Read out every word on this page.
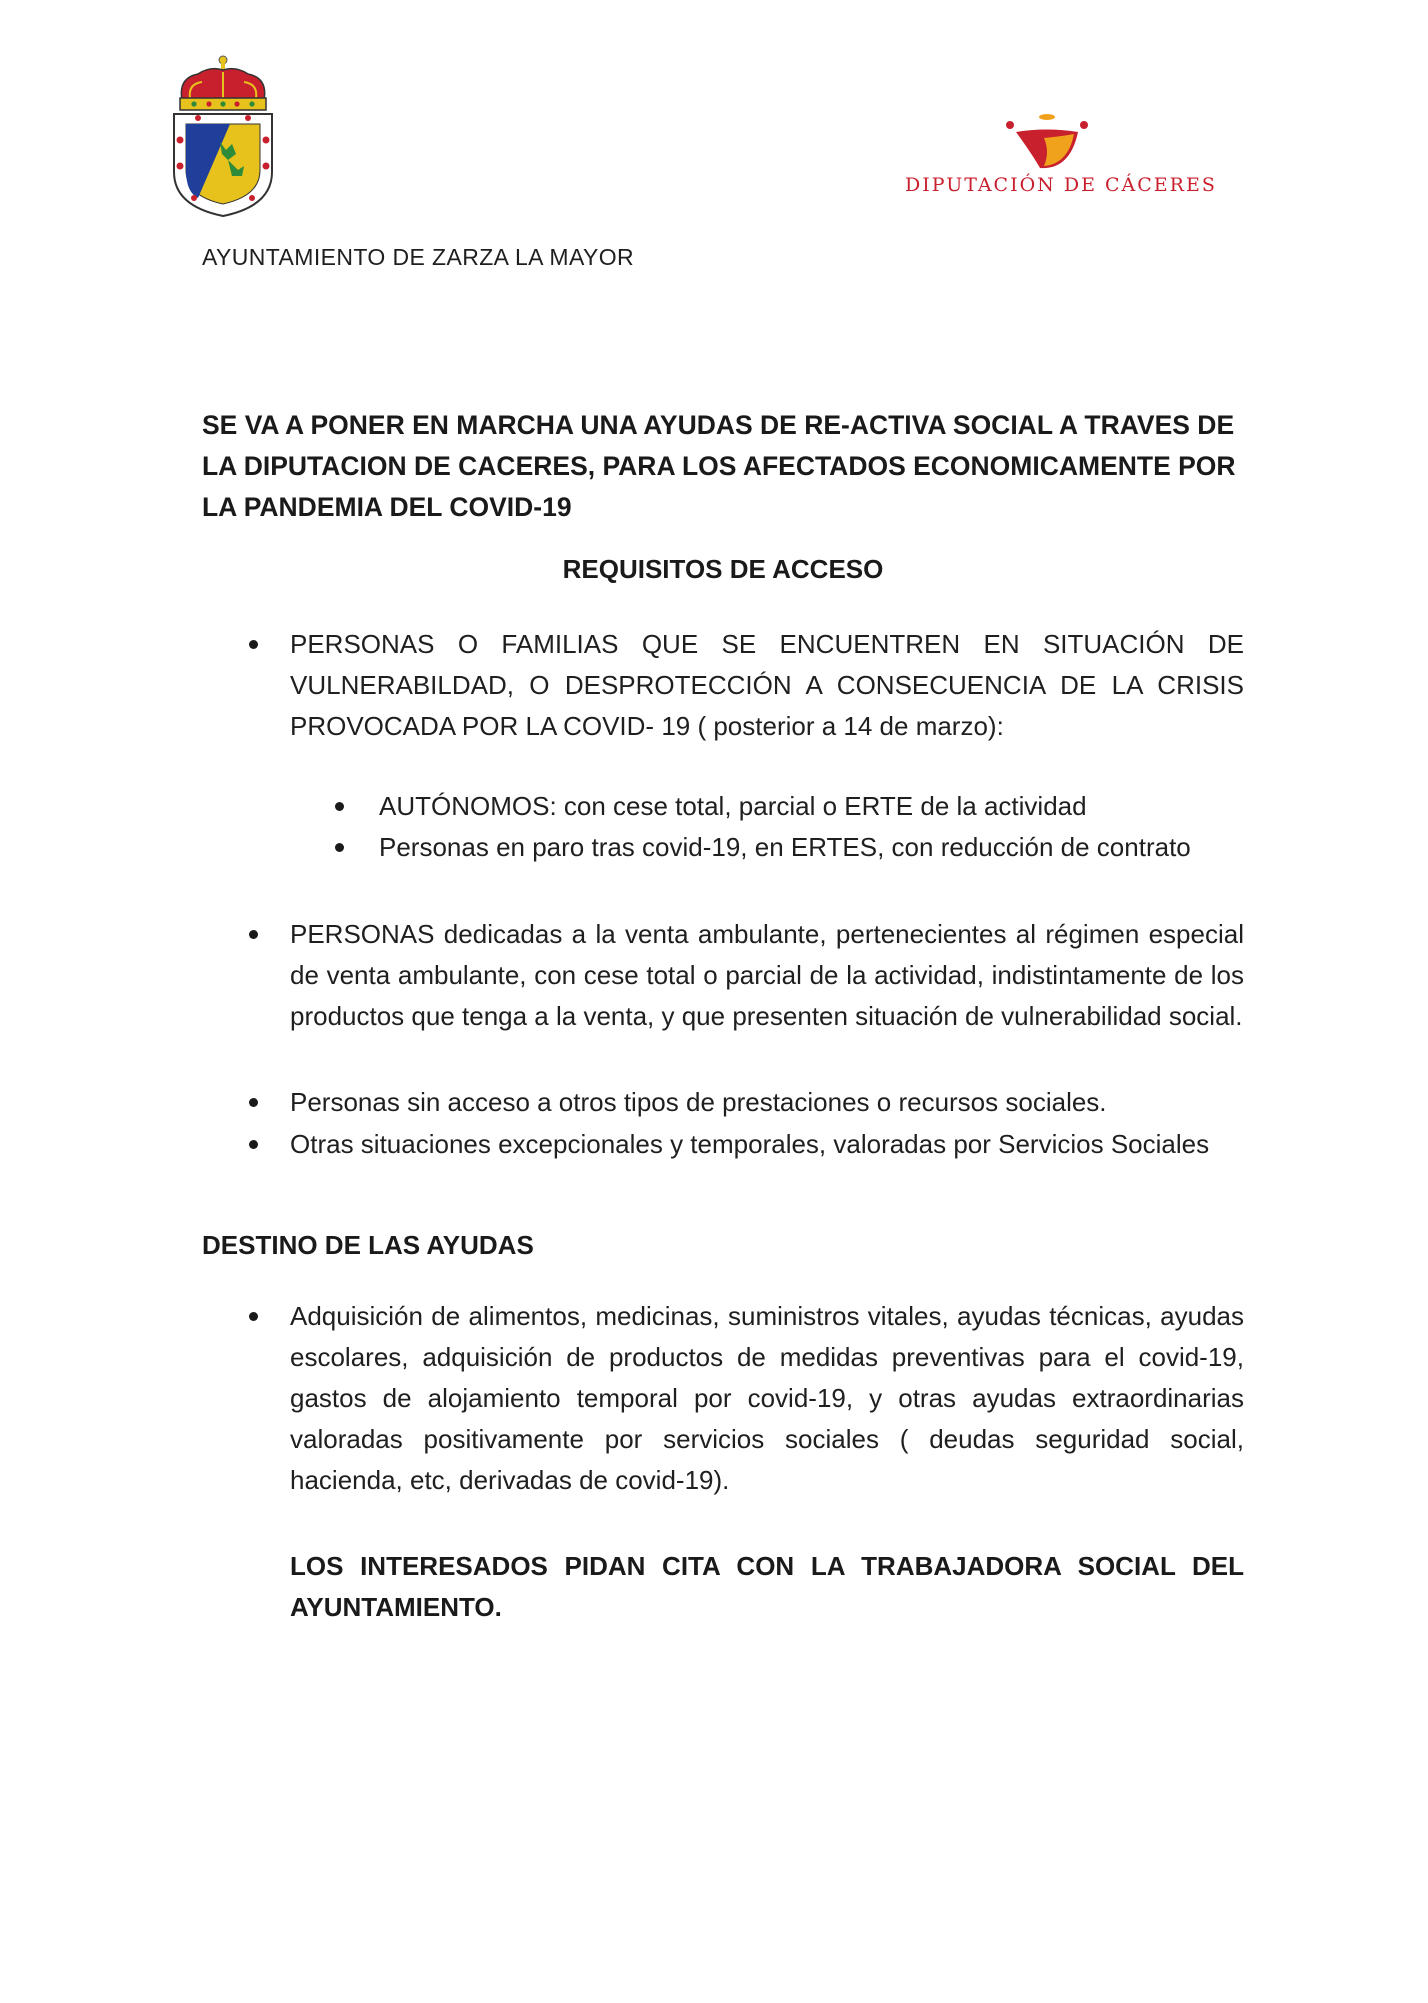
DIPUTACIÓN DE CÁCERES
AYUNTAMIENTO DE ZARZA LA MAYOR
SE VA A PONER EN MARCHA UNA AYUDAS DE RE-ACTIVA SOCIAL A TRAVES DE LA DIPUTACION DE CACERES, PARA LOS AFECTADOS ECONOMICAMENTE POR LA PANDEMIA DEL COVID-19
REQUISITOS DE ACCESO
PERSONAS O FAMILIAS QUE SE ENCUENTREN EN SITUACIÓN DE VULNERABILDAD, O DESPROTECCIÓN A CONSECUENCIA DE LA CRISIS PROVOCADA POR LA COVID- 19 ( posterior a 14 de marzo):
AUTÓNOMOS: con cese total, parcial o ERTE de la actividad
Personas en paro tras covid-19, en ERTES, con reducción de contrato
PERSONAS dedicadas a la venta ambulante, pertenecientes al régimen especial de venta ambulante, con cese total o parcial de la actividad, indistintamente de los productos que tenga a la venta, y que presenten situación de vulnerabilidad social.
Personas sin acceso a otros tipos de prestaciones o recursos sociales.
Otras situaciones excepcionales y temporales, valoradas por Servicios Sociales
DESTINO DE LAS AYUDAS
Adquisición de alimentos, medicinas, suministros vitales, ayudas técnicas, ayudas escolares, adquisición de productos de medidas preventivas para el covid-19, gastos de alojamiento temporal por covid-19, y otras ayudas extraordinarias valoradas positivamente por servicios sociales ( deudas seguridad social, hacienda, etc, derivadas de covid-19).
LOS INTERESADOS PIDAN CITA CON LA TRABAJADORA SOCIAL DEL AYUNTAMIENTO.
